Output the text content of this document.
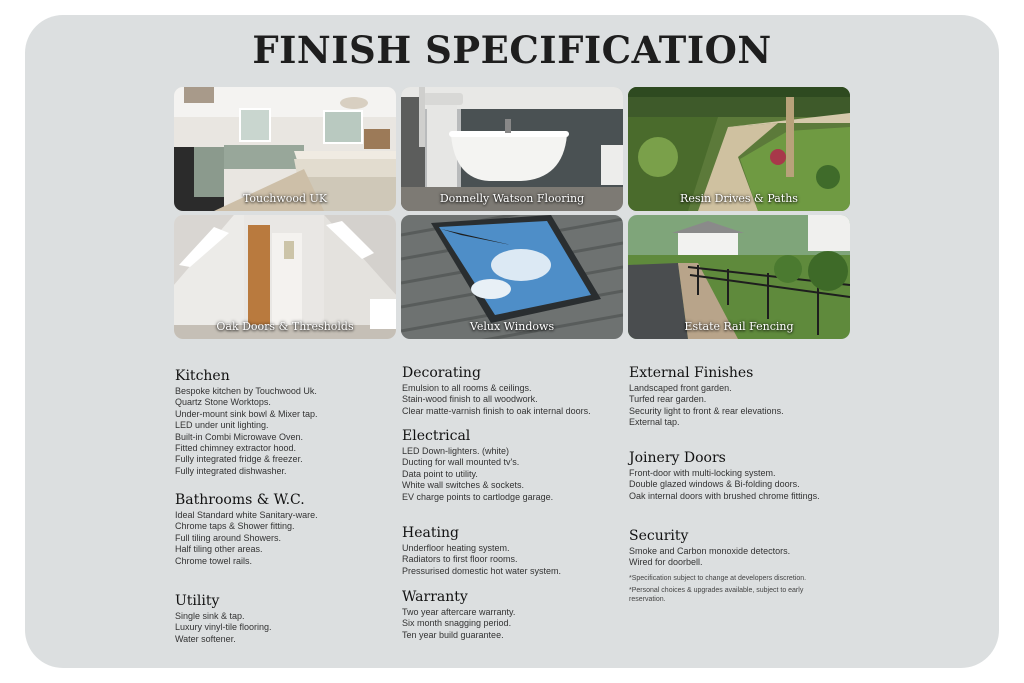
FINISH SPECIFICATION
Touchwood UK	Donnelly Watson Flooring	Resin Drives & Paths
Oak Doors & Thresholds	Velux Windows	Estate Rail Fencing
Kitchen
Bespoke kitchen by Touchwood Uk.
Quartz Stone Worktops.
Under-mount sink bowl & Mixer tap.
LED under unit lighting.
Built-in Combi Microwave Oven.
Fitted chimney extractor hood.
Fully integrated fridge & freezer.
Fully integrated dishwasher.
Bathrooms & W.C.
Ideal Standard white Sanitary-ware.
Chrome taps & Shower fitting.
Full tiling around Showers.
Half tiling other areas.
Chrome towel rails.
Utility
Single sink & tap.
Luxury vinyl-tile flooring.
Water softener.
Decorating
Emulsion to all rooms & ceilings.
Stain-wood finish to all woodwork.
Clear matte-varnish finish to oak internal doors.
Electrical
LED Down-lighters. (white)
Ducting for wall mounted tv's.
Data point to utility.
White wall switches & sockets.
EV charge points to cartlodge garage.
Heating
Underfloor heating system.
Radiators to first floor rooms.
Pressurised domestic hot water system.
Warranty
Two year aftercare warranty.
Six month snagging period.
Ten year build guarantee.
External Finishes
Landscaped front garden.
Turfed rear garden.
Security light to front & rear elevations.
External tap.
Joinery Doors
Front-door with multi-locking system.
Double glazed windows & Bi-folding doors.
Oak internal doors with brushed chrome fittings.
Security
Smoke and Carbon monoxide detectors.
Wired for doorbell.
*Specification subject to change at developers discretion.
*Personal choices & upgrades available, subject to early reservation.
